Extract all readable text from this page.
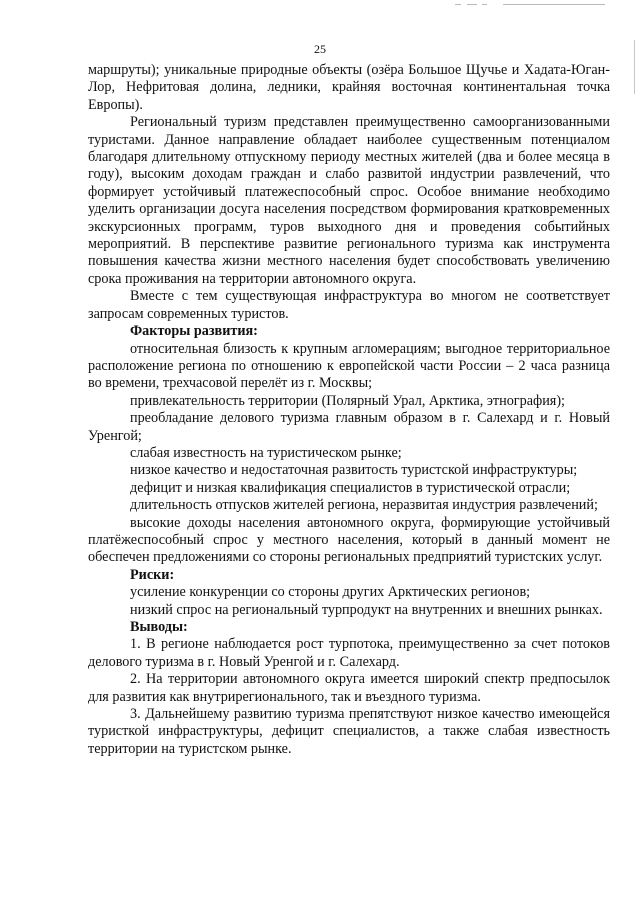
25

маршруты); уникальные природные объекты (озёра Большое Щучье и Хадата-Юган-Лор, Нефритовая долина, ледники, крайняя восточная континентальная точка Европы).

Региональный туризм представлен преимущественно самоорганизованными туристами. Данное направление обладает наиболее существенным потенциалом благодаря длительному отпускному периоду местных жителей (два и более месяца в году), высоким доходам граждан и слабо развитой индустрии развлечений, что формирует устойчивый платежеспособный спрос. Особое внимание необходимо уделить организации досуга населения посредством формирования кратковременных экскурсионных программ, туров выходного дня и проведения событийных мероприятий. В перспективе развитие регионального туризма как инструмента повышения качества жизни местного населения будет способствовать увеличению срока проживания на территории автономного округа.

Вместе с тем существующая инфраструктура во многом не соответствует запросам современных туристов.

Факторы развития:

относительная близость к крупным агломерациям; выгодное территориальное расположение региона по отношению к европейской части России – 2 часа разница во времени, трехчасовой перелёт из г. Москвы;

привлекательность территории (Полярный Урал, Арктика, этнография);

преобладание делового туризма главным образом в г. Салехард и г. Новый Уренгой;

слабая известность на туристическом рынке;

низкое качество и недостаточная развитость туристской инфраструктуры;

дефицит и низкая квалификация специалистов в туристической отрасли;

длительность отпусков жителей региона, неразвитая индустрия развлечений;

высокие доходы населения автономного округа, формирующие устойчивый платёжеспособный спрос у местного населения, который в данный момент не обеспечен предложениями со стороны региональных предприятий туристских услуг.

Риски:

усиление конкуренции со стороны других Арктических регионов;

низкий спрос на региональный турпродукт на внутренних и внешних рынках.

Выводы:

1. В регионе наблюдается рост турпотока, преимущественно за счет потоков делового туризма в г. Новый Уренгой и г. Салехард.

2. На территории автономного округа имеется широкий спектр предпосылок для развития как внутрирегионального, так и въездного туризма.

3. Дальнейшему развитию туризма препятствуют низкое качество имеющейся туристкой инфраструктуры, дефицит специалистов, а также слабая известность территории на туристском рынке.
